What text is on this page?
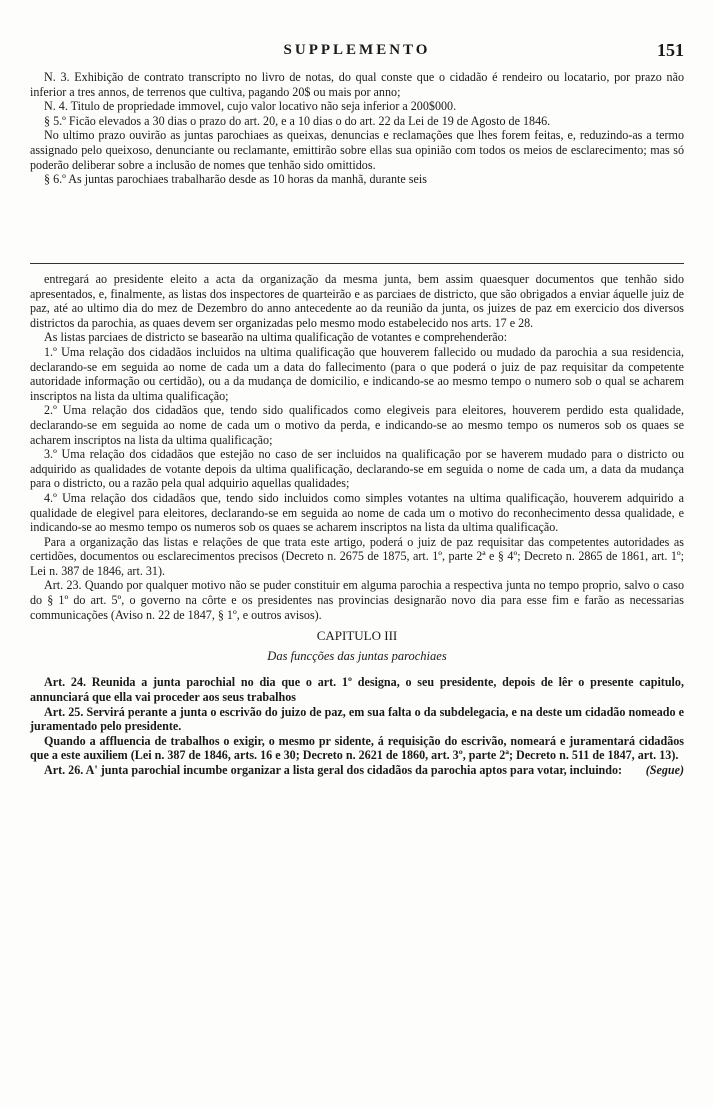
SUPPLEMENTO	151

N. 3. Exhibição de contrato transcripto no livro de notas, do qual conste que o cidadão é rendeiro ou locatario, por prazo não inferior a tres annos, de terrenos que cultiva, pagando 20$ ou mais por anno;

N. 4. Titulo de propriedade immovel, cujo valor locativo não seja inferior a 200$000.

§ 5.º Ficão elevados a 30 dias o prazo do art. 20, e a 10 dias o do art. 22 da Lei de 19 de Agosto de 1846.

No ultimo prazo ouvirão as juntas parochiaes as queixas, denuncias e reclamações que lhes forem feitas, e, reduzindo-as a termo assignado pelo queixoso, denunciante ou reclamante, emittirão sobre ellas sua opinião com todos os meios de esclarecimento; mas só poderão deliberar sobre a inclusão de nomes que tenhão sido omittidos.

§ 6.º As juntas parochiaes trabalharão desde as 10 horas da manhã, durante seis

entregará ao presidente eleito a acta da organização da mesma junta, bem assim quaesquer documentos que tenhão sido apresentados, e, finalmente, as listas dos inspectores de quarteirão e as parciaes de districto, que são obrigados a enviar áquelle juiz de paz, até ao ultimo dia do mez de Dezembro do anno antecedente ao da reunião da junta, os juizes de paz em exercicio dos diversos districtos da parochia, as quaes devem ser organizadas pelo mesmo modo estabelecido nos arts. 17 e 28.

As listas parciaes de districto se basearão na ultima qualificação de votantes e comprehenderão:

1.º Uma relação dos cidadãos incluidos na ultima qualificação que houverem fallecido ou mudado da parochia a sua residencia, declarando-se em seguida ao nome de cada um a data do fallecimento (para o que poderá o juiz de paz requisitar da competente autoridade informação ou certidão), ou a da mudança de domicilio, e indicando-se ao mesmo tempo o numero sob o qual se acharem inscriptos na lista da ultima qualificação;

2.º Uma relação dos cidadãos que, tendo sido qualificados como elegiveis para eleitores, houverem perdido esta qualidade, declarando-se em seguida ao nome de cada um o motivo da perda, e indicando-se ao mesmo tempo os numeros sob os quaes se acharem inscriptos na lista da ultima qualificação;

3.º Uma relação dos cidadãos que estejão no caso de ser incluidos na qualificação por se haverem mudado para o districto ou adquirido as qualidades de votante depois da ultima qualificação, declarando-se em seguida o nome de cada um, a data da mudança para o districto, ou a razão pela qual adquirio aquellas qualidades;

4.º Uma relação dos cidadãos que, tendo sido incluidos como simples votantes na ultima qualificação, houverem adquirido a qualidade de elegivel para eleitores, declarando-se em seguida ao nome de cada um o motivo do reconhecimento dessa qualidade, e indicando-se ao mesmo tempo os numeros sob os quaes se acharem inscriptos na lista da ultima qualificação.

Para a organização das listas e relações de que trata este artigo, poderá o juiz de paz requisitar das competentes autoridades as certidões, documentos ou esclarecimentos precisos (Decreto n. 2675 de 1875, art. 1º, parte 2ª e § 4º; Decreto n. 2865 de 1861, art. 1º; Lei n. 387 de 1846, art. 31).

Art. 23. Quando por qualquer motivo não se puder constituir em alguma parochia a respectiva junta no tempo proprio, salvo o caso do § 1º do art. 5º, o governo na côrte e os presidentes nas provincias designarão novo dia para esse fim e farão as necessarias communicações (Aviso n. 22 de 1847, § 1º, e outros avisos).

CAPITULO III

Das funcções das juntas parochiaes

Art. 24. Reunida a junta parochial no dia que o art. 1º designa, o seu presidente, depois de lêr o presente capitulo, annunciará que ella vai proceder aos seus trabalhos

Art. 25. Servirá perante a junta o escrivão do juizo de paz, em sua falta o da subdelegacia, e na deste um cidadão nomeado e juramentado pelo presidente.

Quando a affluencia de trabalhos o exigir, o mesmo pr sidente, á requisição do escrivão, nomeará e juramentará cidadãos que a este auxiliem (Lei n. 387 de 1846, arts. 16 e 30; Decreto n. 2621 de 1860, art. 3º, parte 2ª; Decreto n. 511 de 1847, art. 13).

Art. 26. A' junta parochial incumbe organizar a lista geral dos cidadãos da parochia aptos para votar, incluindo:	(Segue)
